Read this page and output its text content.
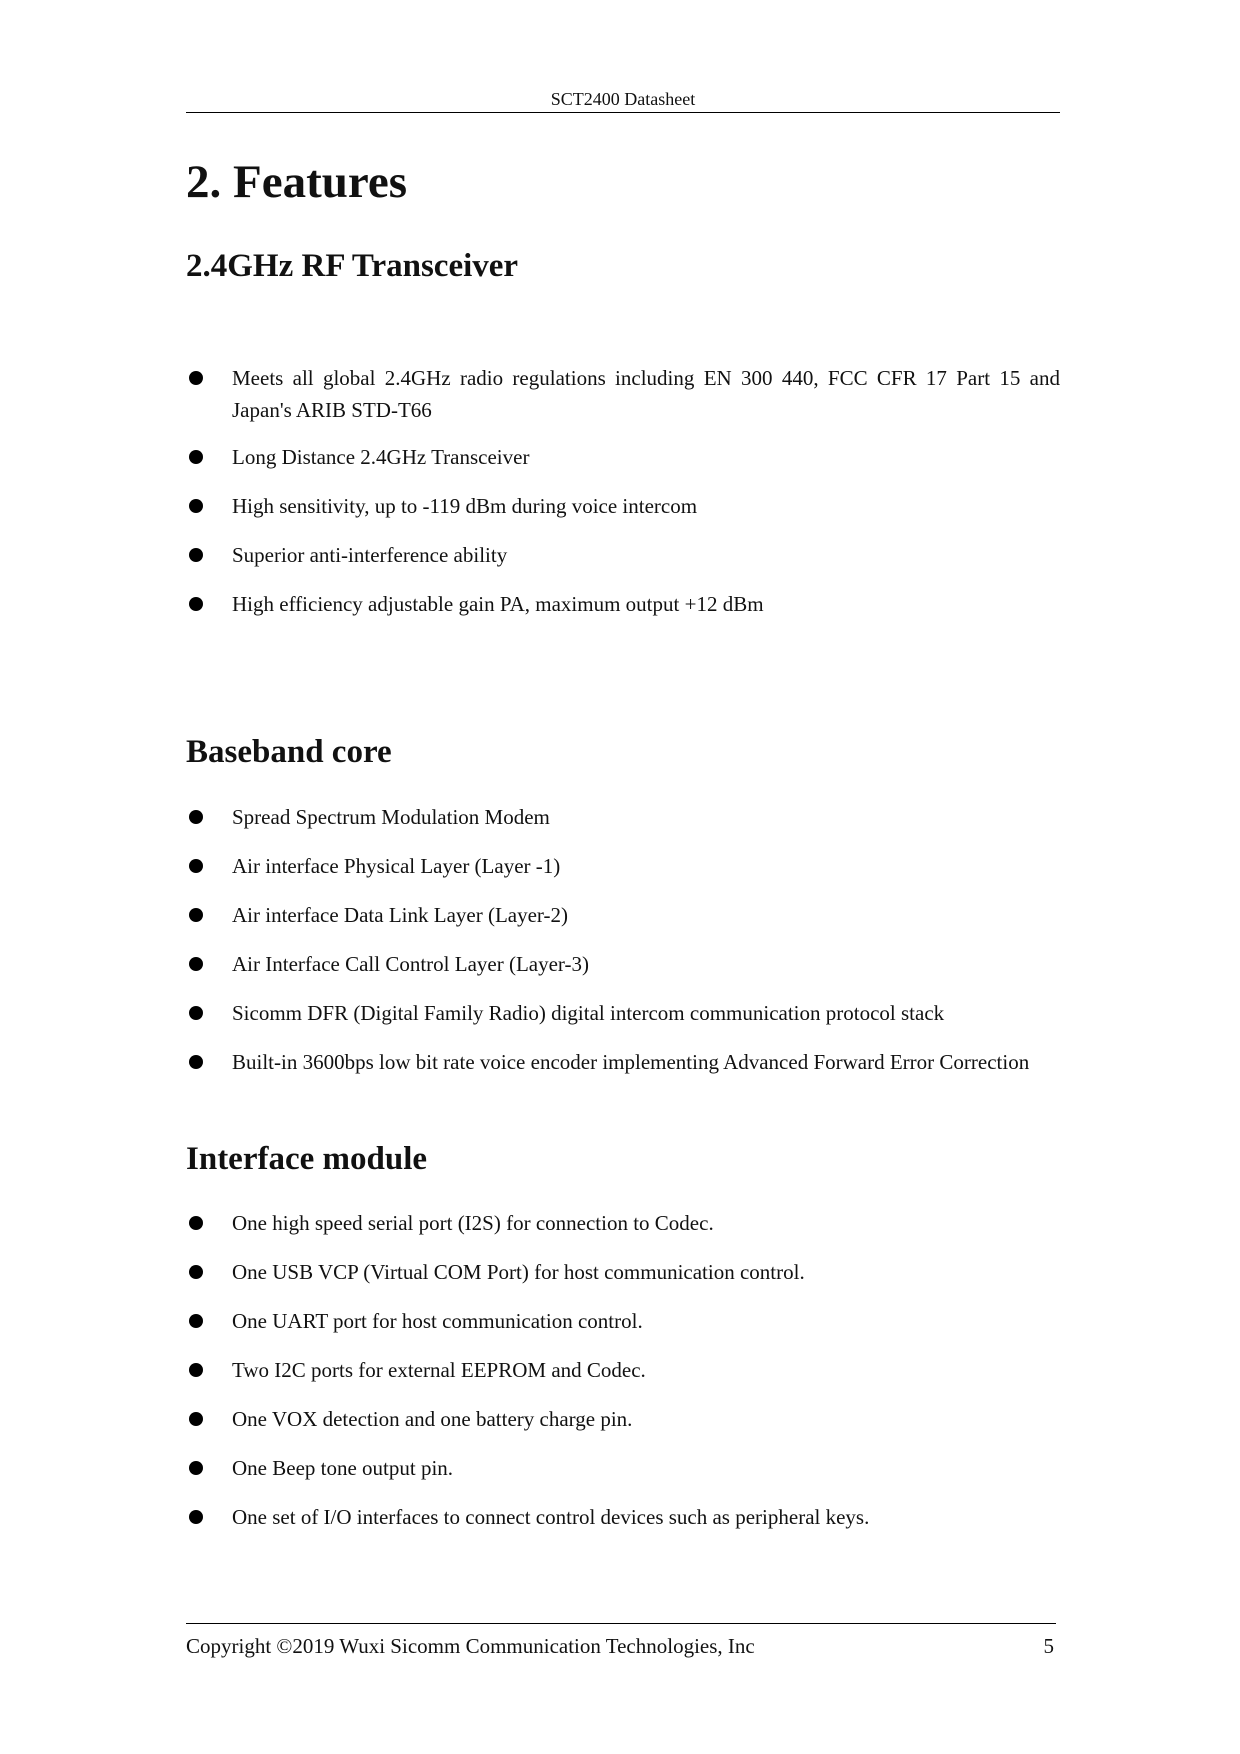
SCT2400 Datasheet
2. Features
2.4GHz RF Transceiver
Meets all global 2.4GHz radio regulations including EN 300 440, FCC CFR 17 Part 15 and Japan's ARIB STD-T66
Long Distance 2.4GHz Transceiver
High sensitivity, up to -119 dBm during voice intercom
Superior anti-interference ability
High efficiency adjustable gain PA, maximum output +12 dBm
Baseband core
Spread Spectrum Modulation Modem
Air interface Physical Layer (Layer -1)
Air interface Data Link Layer (Layer-2)
Air Interface Call Control Layer (Layer-3)
Sicomm DFR (Digital Family Radio) digital intercom communication protocol stack
Built-in 3600bps low bit rate voice encoder implementing Advanced Forward Error Correction
Interface module
One high speed serial port (I2S) for connection to Codec.
One USB VCP (Virtual COM Port) for host communication control.
One UART port for host communication control.
Two I2C ports for external EEPROM and Codec.
One VOX detection and one battery charge pin.
One Beep tone output pin.
One set of I/O interfaces to connect control devices such as peripheral keys.
Copyright ©2019 Wuxi Sicomm Communication Technologies, Inc	5
